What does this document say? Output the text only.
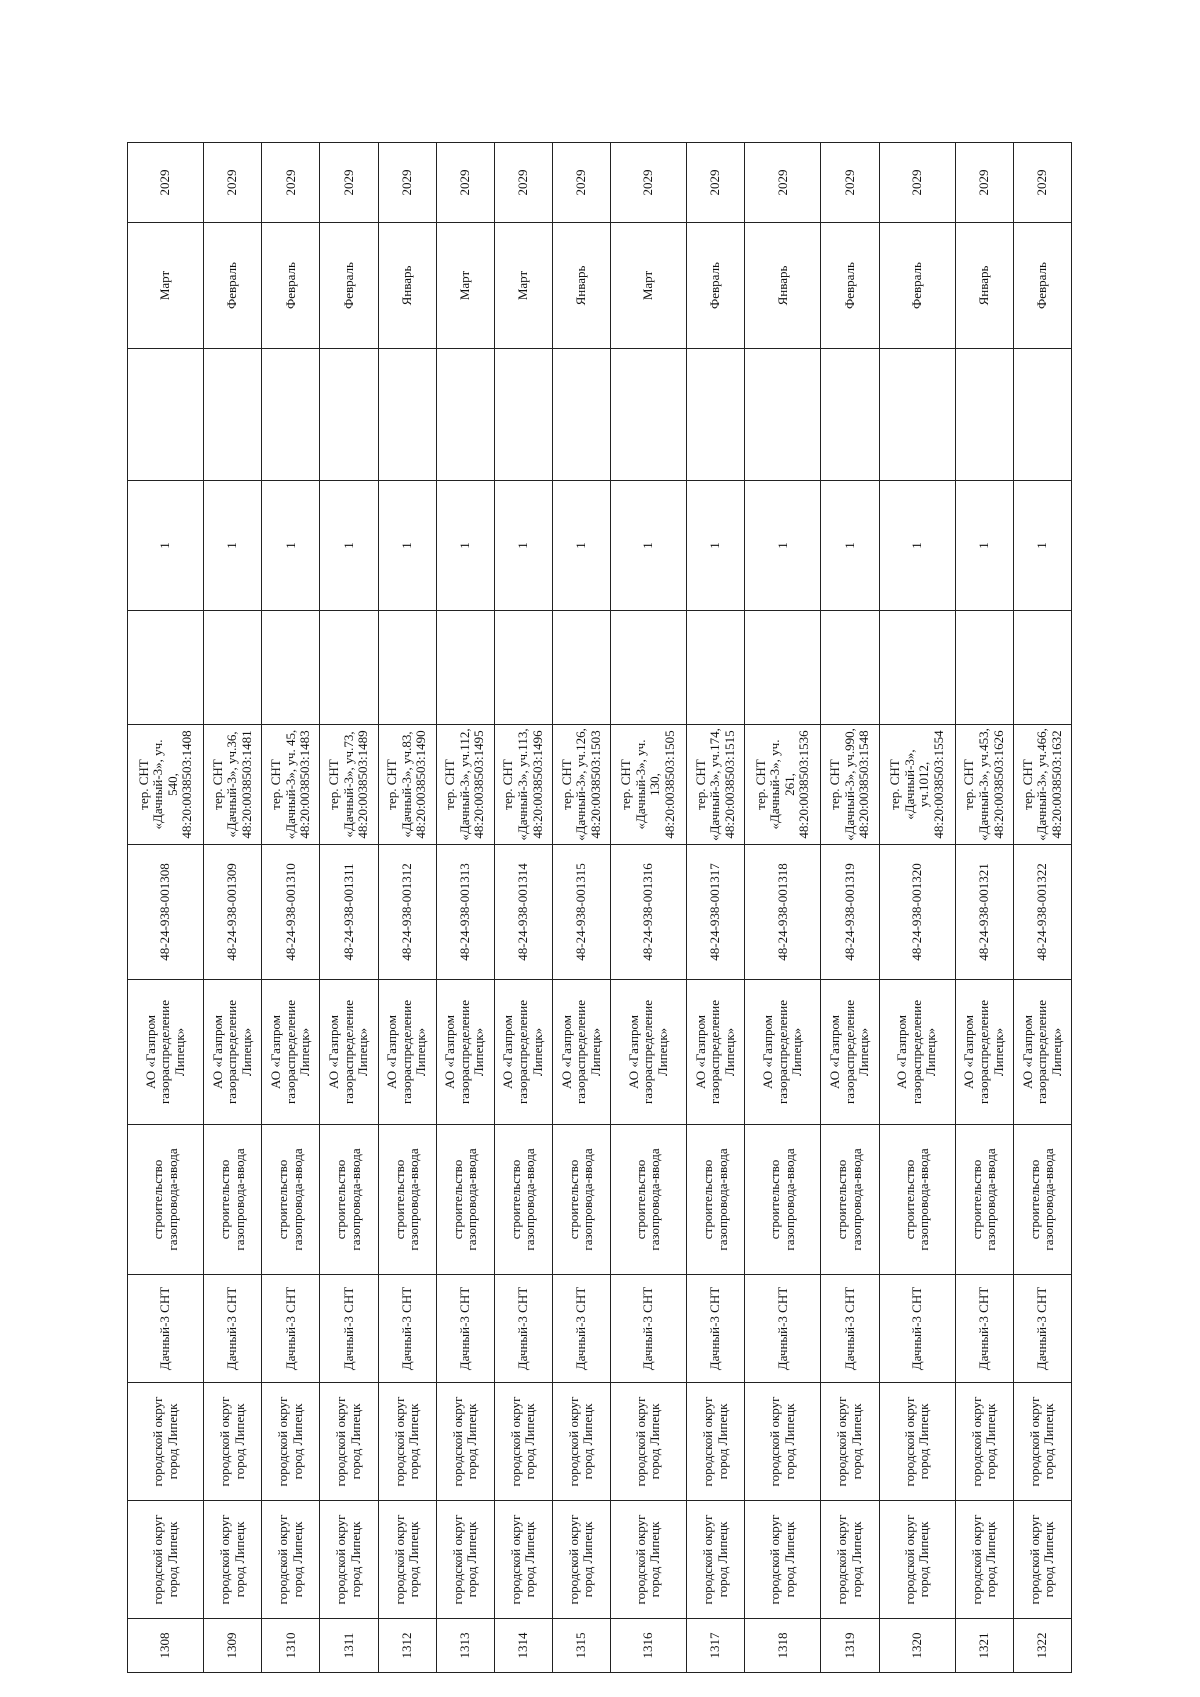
1308	городской округ город Липецк	городской округ город Липецк	Дачный-3 СНТ	строительство газопровода-ввода	АО «Газпром газораспределение Липецк»	48-24-938-001308	тер. СНТ «Дачный-3», уч. 540, 48:20:0038503:1408		1		Март	2029
1309	городской округ город Липецк	городской округ город Липецк	Дачный-3 СНТ	строительство газопровода-ввода	АО «Газпром газораспределение Липецк»	48-24-938-001309	тер. СНТ «Дачный-3», уч.36, 48:20:0038503:1481		1		Февраль	2029
1310	городской округ город Липецк	городской округ город Липецк	Дачный-3 СНТ	строительство газопровода-ввода	АО «Газпром газораспределение Липецк»	48-24-938-001310	тер. СНТ «Дачный-3», уч. 45, 48:20:0038503:1483		1		Февраль	2029
1311	городской округ город Липецк	городской округ город Липецк	Дачный-3 СНТ	строительство газопровода-ввода	АО «Газпром газораспределение Липецк»	48-24-938-001311	тер. СНТ «Дачный-3», уч.73, 48:20:0038503:1489		1		Февраль	2029
1312	городской округ город Липецк	городской округ город Липецк	Дачный-3 СНТ	строительство газопровода-ввода	АО «Газпром газораспределение Липецк»	48-24-938-001312	тер. СНТ «Дачный-3», уч.83, 48:20:0038503:1490		1		Январь	2029
1313	городской округ город Липецк	городской округ город Липецк	Дачный-3 СНТ	строительство газопровода-ввода	АО «Газпром газораспределение Липецк»	48-24-938-001313	тер. СНТ «Дачный-3», уч.112, 48:20:0038503:1495		1		Март	2029
1314	городской округ город Липецк	городской округ город Липецк	Дачный-3 СНТ	строительство газопровода-ввода	АО «Газпром газораспределение Липецк»	48-24-938-001314	тер. СНТ «Дачный-3», уч.113, 48:20:0038503:1496		1		Март	2029
1315	городской округ город Липецк	городской округ город Липецк	Дачный-3 СНТ	строительство газопровода-ввода	АО «Газпром газораспределение Липецк»	48-24-938-001315	тер. СНТ «Дачный-3», уч.126, 48:20:0038503:1503		1		Январь	2029
1316	городской округ город Липецк	городской округ город Липецк	Дачный-3 СНТ	строительство газопровода-ввода	АО «Газпром газораспределение Липецк»	48-24-938-001316	тер. СНТ «Дачный-3», уч. 130, 48:20:0038503:1505		1		Март	2029
1317	городской округ город Липецк	городской округ город Липецк	Дачный-3 СНТ	строительство газопровода-ввода	АО «Газпром газораспределение Липецк»	48-24-938-001317	тер. СНТ «Дачный-3», уч.174, 48:20:0038503:1515		1		Февраль	2029
1318	городской округ город Липецк	городской округ город Липецк	Дачный-3 СНТ	строительство газопровода-ввода	АО «Газпром газораспределение Липецк»	48-24-938-001318	тер. СНТ «Дачный-3», уч. 261, 48:20:0038503:1536		1		Январь	2029
1319	городской округ город Липецк	городской округ город Липецк	Дачный-3 СНТ	строительство газопровода-ввода	АО «Газпром газораспределение Липецк»	48-24-938-001319	тер. СНТ «Дачный-3», уч.990, 48:20:0038503:1548		1		Февраль	2029
1320	городской округ город Липецк	городской округ город Липецк	Дачный-3 СНТ	строительство газопровода-ввода	АО «Газпром газораспределение Липецк»	48-24-938-001320	тер. СНТ «Дачный-3», уч.1012, 48:20:0038503:1554		1		Февраль	2029
1321	городской округ город Липецк	городской округ город Липецк	Дачный-3 СНТ	строительство газопровода-ввода	АО «Газпром газораспределение Липецк»	48-24-938-001321	тер. СНТ «Дачный-3», уч.453, 48:20:0038503:1626		1		Январь	2029
1322	городской округ город Липецк	городской округ город Липецк	Дачный-3 СНТ	строительство газопровода-ввода	АО «Газпром газораспределение Липецк»	48-24-938-001322	тер. СНТ «Дачный-3», уч.466, 48:20:0038503:1632		1		Февраль	2029
